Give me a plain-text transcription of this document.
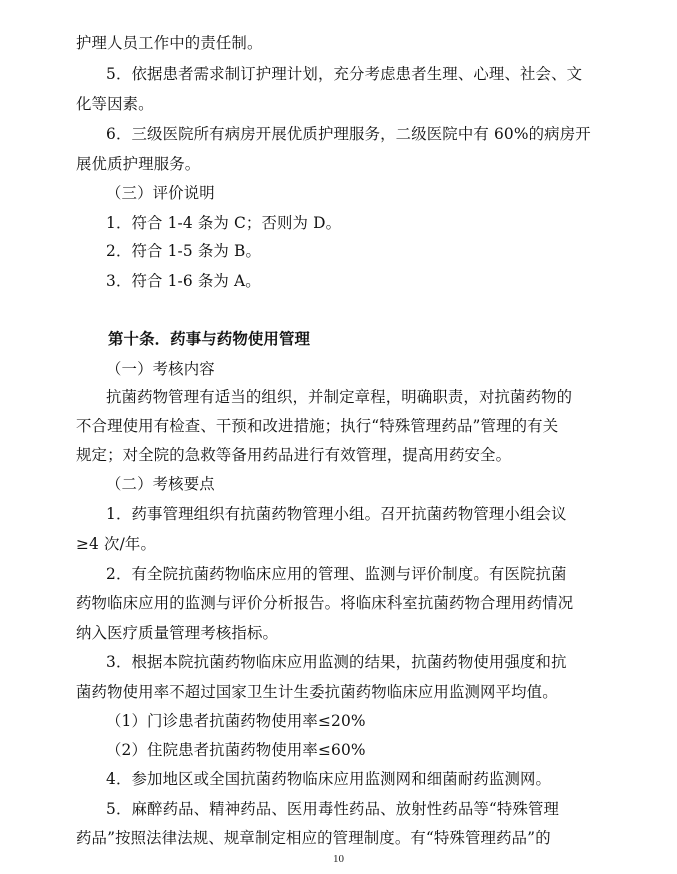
护理人员工作中的责任制。
5．依据患者需求制订护理计划，充分考虑患者生理、心理、社会、文
化等因素。
6．三级医院所有病房开展优质护理服务，二级医院中有 60%的病房开
展优质护理服务。
（三）评价说明
1．符合 1-4 条为 C；否则为 D。
2．符合 1-5 条为 B。
3．符合 1-6 条为 A。
第十条．药事与药物使用管理
（一）考核内容
抗菌药物管理有适当的组织，并制定章程，明确职责，对抗菌药物的
不合理使用有检查、干预和改进措施；执行“特殊管理药品”管理的有关
规定；对全院的急救等备用药品进行有效管理，提高用药安全。
（二）考核要点
1．药事管理组织有抗菌药物管理小组。召开抗菌药物管理小组会议
≥4 次/年。
2．有全院抗菌药物临床应用的管理、监测与评价制度。有医院抗菌
药物临床应用的监测与评价分析报告。将临床科室抗菌药物合理用药情况
纳入医疗质量管理考核指标。
3．根据本院抗菌药物临床应用监测的结果，抗菌药物使用强度和抗
菌药物使用率不超过国家卫生计生委抗菌药物临床应用监测网平均值。
（1）门诊患者抗菌药物使用率≤20%
（2）住院患者抗菌药物使用率≤60%
4．参加地区或全国抗菌药物临床应用监测网和细菌耐药监测网。
5．麻醉药品、精神药品、医用毒性药品、放射性药品等“特殊管理
药品”按照法律法规、规章制定相应的管理制度。有“特殊管理药品”的
10
